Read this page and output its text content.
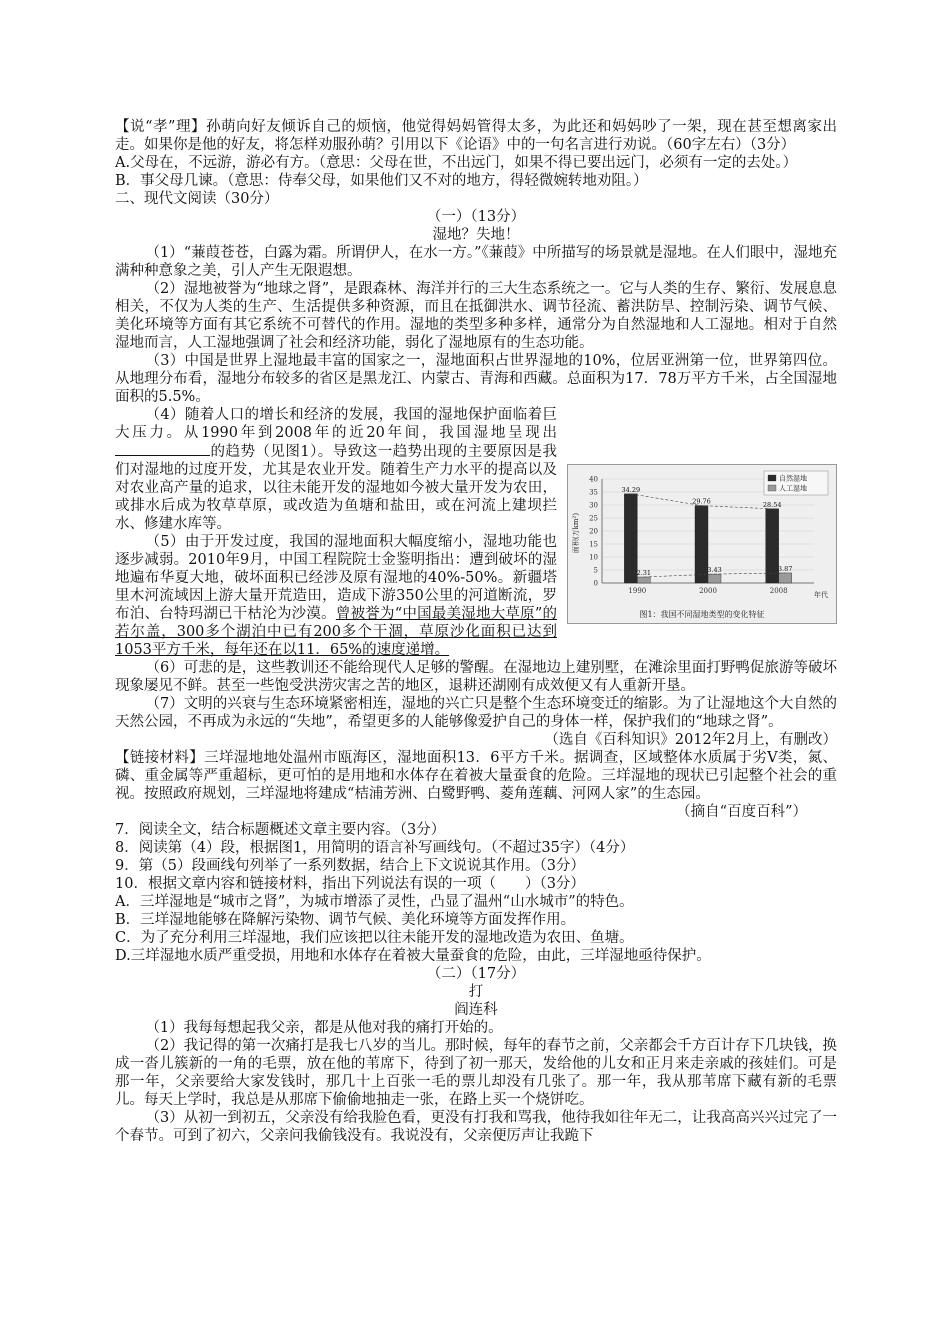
【说“孝”理】孙萌向好友倾诉自己的烦恼，他觉得妈妈管得太多，为此还和妈妈吵了一架，现在甚至想离家出走。如果你是他的好友，将怎样劝服孙萌？引用以下《论语》中的一句名言进行劝说。（60字左右）（3分）

A.父母在，不远游，游必有方。（意思：父母在世，不出远门，如果不得已要出远门，必须有一定的去处。）

B．事父母几谏。（意思：侍奉父母，如果他们又不对的地方，得轻微婉转地劝阻。）

二、现代文阅读（30分）

（一）（13分）

湿地？失地！

（1）“蒹葭苍苍，白露为霜。所谓伊人，在水一方。”《蒹葭》中所描写的场景就是湿地。在人们眼中，湿地充满种种意象之美，引人产生无限遐想。

（2）湿地被誉为“地球之肾”，是跟森林、海洋并行的三大生态系统之一。它与人类的生存、繁衍、发展息息相关，不仅为人类的生产、生活提供多种资源，而且在抵御洪水、调节径流、蓄洪防旱、控制污染、调节气候、美化环境等方面有其它系统不可替代的作用。湿地的类型多种多样，通常分为自然湿地和人工湿地。相对于自然湿地而言，人工湿地强调了社会和经济功能，弱化了湿地原有的生态功能。

（3）中国是世界上湿地最丰富的国家之一，湿地面积占世界湿地的10%，位居亚洲第一位，世界第四位。从地理分布看，湿地分布较多的省区是黑龙江、内蒙古、青海和西藏。总面积为17．78万平方千米，占全国湿地面积的5.5%。

0
5
10
15
20
25
30
35
40
1990	2000	2008
34.29
2.31
29.76
3.43
28.54
3.87
自然湿地
人工湿地
图1：我国不同湿地类型的变化特征
面积(万km²)
年代

（4）随着人口的增长和经济的发展，我国的湿地保护面临着巨大压力。从1990年到2008年的近20年间，我国湿地呈现出的趋势（见图1）。导致这一趋势出现的主要原因是我们对湿地的过度开发，尤其是农业开发。随着生产力水平的提高以及对农业高产量的追求，以往未能开发的湿地如今被大量开发为农田，或排水后成为牧草草原，或改造为鱼塘和盐田，或在河流上建坝拦水、修建水库等。

（5）由于开发过度，我国的湿地面积大幅度缩小，湿地功能也逐步减弱。2010年9月，中国工程院院士金鉴明指出：遭到破坏的湿地遍布华夏大地，破坏面积已经涉及原有湿地的40%-50%。新疆塔里木河流域因上游大量开荒造田，造成下游350公里的河道断流，罗布泊、台特玛湖已干枯沦为沙漠。曾被誉为“中国最美湿地大草原”的若尔盖，300多个湖泊中已有200多个干涸，草原沙化面积已达到1053平方千米，每年还在以11．65%的速度递增。

（6）可悲的是，这些教训还不能给现代人足够的警醒。在湿地边上建别墅，在滩涂里面打野鸭促旅游等破坏现象屡见不鲜。甚至一些饱受洪涝灾害之苦的地区，退耕还湖刚有成效便又有人重新开垦。

（7）文明的兴衰与生态环境紧密相连，湿地的兴亡只是整个生态环境变迁的缩影。为了让湿地这个大自然的天然公园，不再成为永远的“失地”，希望更多的人能够像爱护自己的身体一样，保护我们的“地球之肾”。

（选自《百科知识》2012年2月上，有删改）

【链接材料】三垟湿地地处温州市瓯海区，湿地面积13．6平方千米。据调查，区域整体水质属于劣Ⅴ类，氮、磷、重金属等严重超标，更可怕的是用地和水体存在着被大量蚕食的危险。三垟湿地的现状已引起整个社会的重视。按照政府规划，三垟湿地将建成“桔浦芳洲、白鹭野鸭、菱角莲藕、河网人家”的生态园。

（摘自“百度百科”）

7．阅读全文，结合标题概述文章主要内容。（3分）

8．阅读第（4）段，根据图1，用简明的语言补写画线句。（不超过35字）（4分）

9．第（5）段画线句列举了一系列数据，结合上下文说说其作用。（3分）

10．根据文章内容和链接材料，指出下列说法有误的一项（　　）（3分）

A．三垟湿地是“城市之肾”，为城市增添了灵性，凸显了温州“山水城市”的特色。

B．三垟湿地能够在降解污染物、调节气候、美化环境等方面发挥作用。

C．为了充分利用三垟湿地，我们应该把以往未能开发的湿地改造为农田、鱼塘。

D.三垟湿地水质严重受损，用地和水体存在着被大量蚕食的危险，由此，三垟湿地亟待保护。

（二）（17分）

打

阎连科

（1）我每每想起我父亲，都是从他对我的痛打开始的。

（2）我记得的第一次痛打是我七八岁的当儿。那时候，每年的春节之前，父亲都会千方百计存下几块钱，换成一沓儿簇新的一角的毛票，放在他的苇席下，待到了初一那天，发给他的儿女和正月来走亲戚的孩娃们。可是那一年，父亲要给大家发钱时，那几十上百张一毛的票儿却没有几张了。那一年，我从那苇席下藏有新的毛票儿。每天上学时，我总是从那席下偷偷地抽走一张，在路上买一个烧饼吃。

（3）从初一到初五，父亲没有给我脸色看，更没有打我和骂我，他待我如往年无二，让我高高兴兴过完了一个春节。可到了初六，父亲问我偷钱没有。我说没有，父亲便厉声让我跪下
